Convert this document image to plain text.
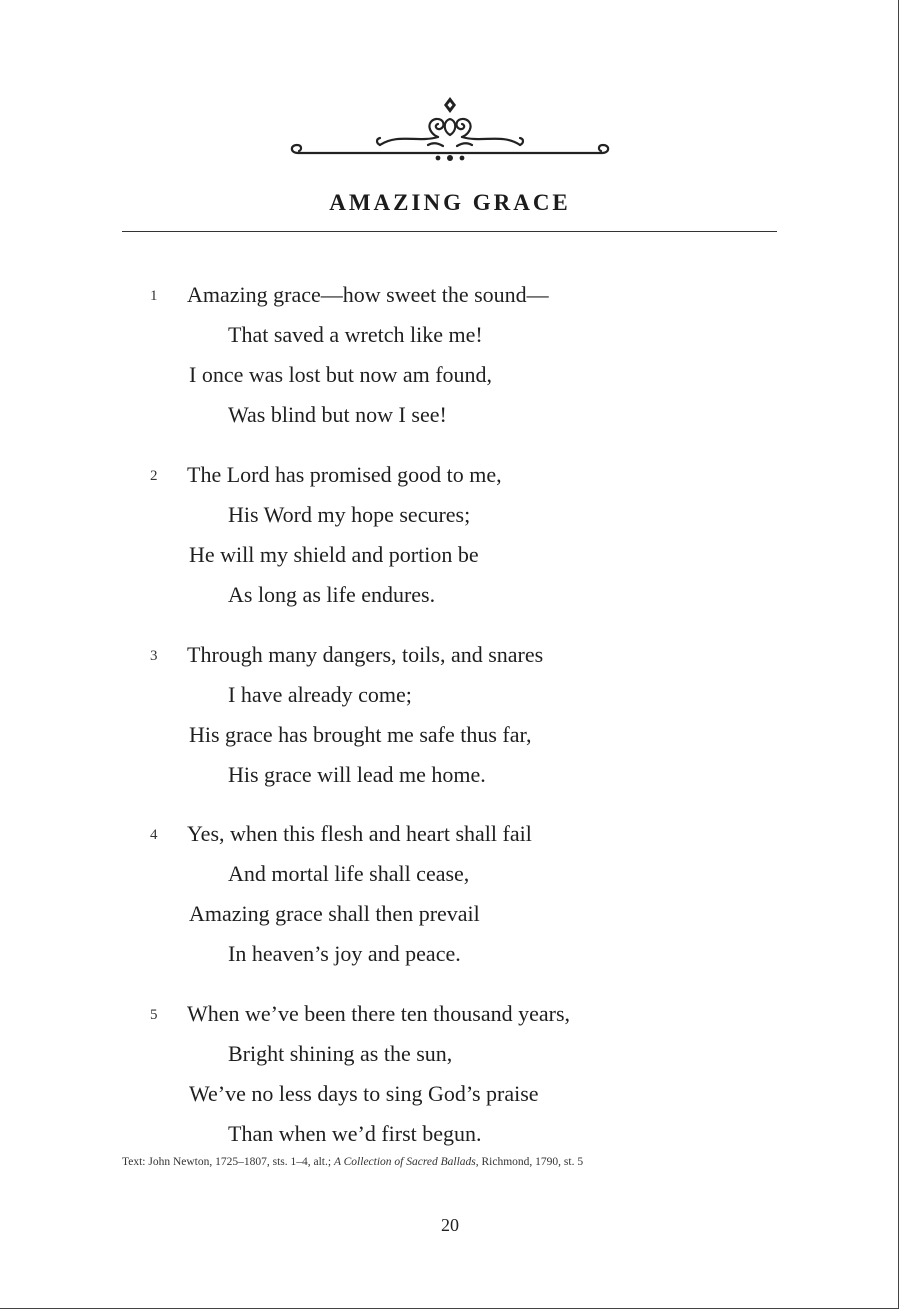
AMAZING GRACE
1 Amazing grace—how sweet the sound—
That saved a wretch like me!
I once was lost but now am found,
Was blind but now I see!
2 The Lord has promised good to me,
His Word my hope secures;
He will my shield and portion be
As long as life endures.
3 Through many dangers, toils, and snares
I have already come;
His grace has brought me safe thus far,
His grace will lead me home.
4 Yes, when this flesh and heart shall fail
And mortal life shall cease,
Amazing grace shall then prevail
In heaven’s joy and peace.
5 When we’ve been there ten thousand years,
Bright shining as the sun,
We’ve no less days to sing God’s praise
Than when we’d first begun.
Text: John Newton, 1725–1807, sts. 1–4, alt.; A Collection of Sacred Ballads, Richmond, 1790, st. 5
20
